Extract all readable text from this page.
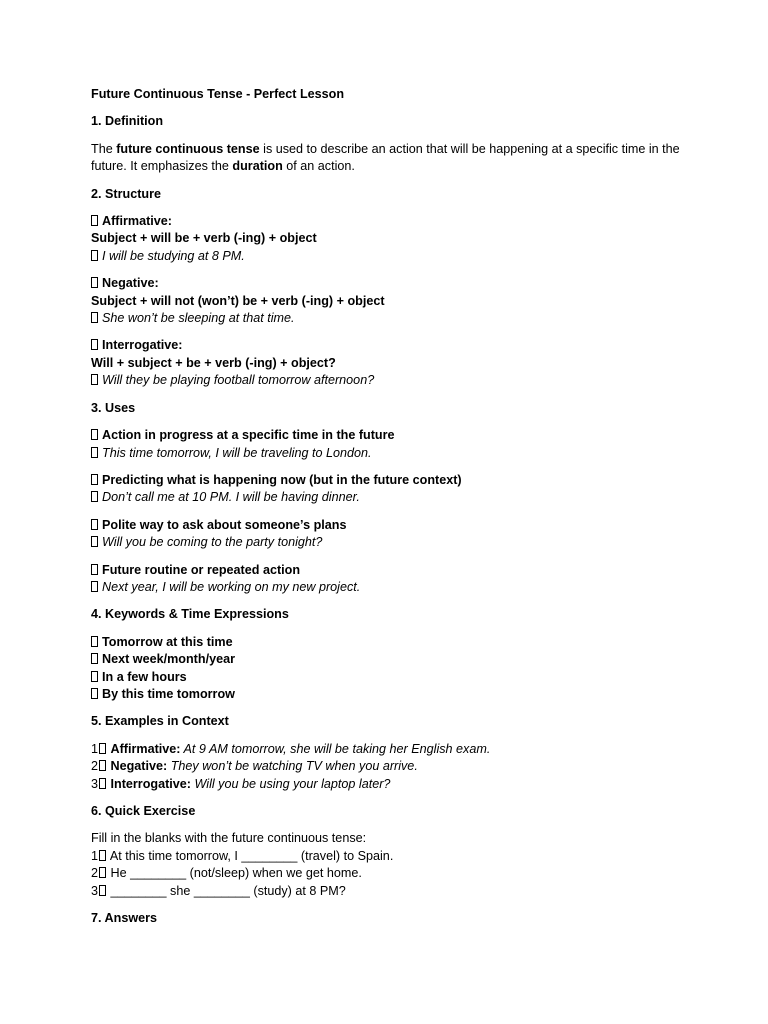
Future Continuous Tense - Perfect Lesson
1. Definition
The future continuous tense is used to describe an action that will be happening at a specific time in the future. It emphasizes the duration of an action.
2. Structure
Affirmative:
Subject + will be + verb (-ing) + object
I will be studying at 8 PM.
Negative:
Subject + will not (won’t) be + verb (-ing) + object
She won’t be sleeping at that time.
Interrogative:
Will + subject + be + verb (-ing) + object?
Will they be playing football tomorrow afternoon?
3. Uses
Action in progress at a specific time in the future
This time tomorrow, I will be traveling to London.
Predicting what is happening now (but in the future context)
Don’t call me at 10 PM. I will be having dinner.
Polite way to ask about someone’s plans
Will you be coming to the party tonight?
Future routine or repeated action
Next year, I will be working on my new project.
4. Keywords & Time Expressions
Tomorrow at this time
Next week/month/year
In a few hours
By this time tomorrow
5. Examples in Context
1 Affirmative: At 9 AM tomorrow, she will be taking her English exam.
2 Negative: They won’t be watching TV when you arrive.
3 Interrogative: Will you be using your laptop later?
6. Quick Exercise
Fill in the blanks with the future continuous tense:
1 At this time tomorrow, I ________ (travel) to Spain.
2 He ________ (not/sleep) when we get home.
3 ________ she ________ (study) at 8 PM?
7. Answers
